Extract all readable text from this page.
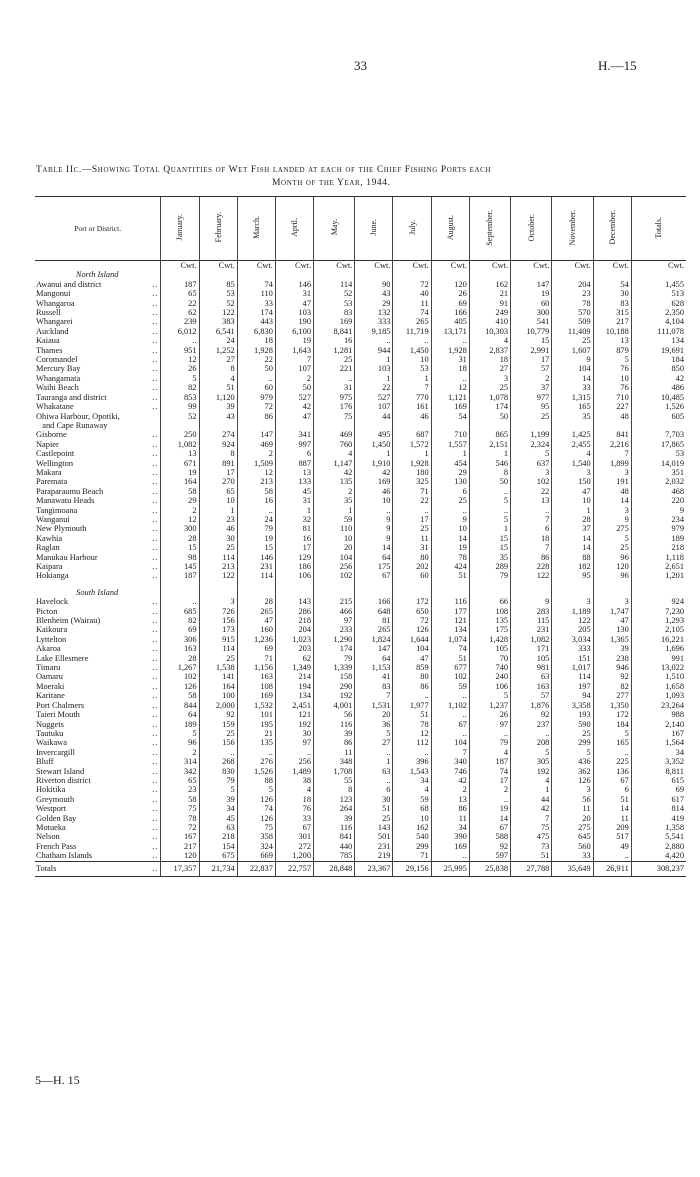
33	H.—15
Table IIc.—Showing Total Quantities of Wet Fish landed at each of the Chief Fishing Ports each
Month of the Year, 1944.
Port or District.	January.	February.	March.	April.	May.	June.	July.	August.	September.	October.	November.	December.	Totals.
	Cwt.	Cwt.	Cwt.	Cwt.	Cwt.	Cwt.	Cwt.	Cwt.	Cwt.	Cwt.	Cwt.	Cwt.	Cwt.
North Island													
Awanui and district ..	187	85	74	146	114	90	72	120	162	147	204	54	1,455
Mangonui ..	65	53	110	31	52	43	40	26	21	19	23	30	513
Whangaroa ..	22	52	33	47	53	29	11	69	91	60	78	83	628
Russell ..	62	122	174	103	83	132	74	166	249	300	570	315	2,350
Whangarei ..	239	383	443	190	169	333	265	405	410	541	509	217	4,104
Auckland ..	6,012	6,541	6,830	6,100	8,841	9,185	11,719	13,171	10,303	10,779	11,409	10,188	111,078
Kaiaua ..	..	24	18	19	16	..	..	..	4	15	25	13	134
Thames ..	951	1,252	1,928	1,643	1,281	944	1,450	1,928	2,837	2,991	1,607	879	19,691
Coromandel ..	12	27	22	7	25	1	10	31	18	17	9	5	184
Mercury Bay ..	26	8	50	107	221	103	53	18	27	57	104	76	850
Whangamata ..	5	4	..	2	..	1	1	..	3	2	14	10	42
Waihi Beach ..	82	51	60	50	31	22	7	12	25	37	33	76	486
Tauranga and district ..	853	1,120	979	527	975	527	770	1,121	1,078	977	1,315	710	10,485
Whakatane ..	99	39	72	42	176	107	161	169	174	95	165	227	1,526
Ohiwa Harbour, Opotiki,	52	43	86	47	75	44	46	54	50	25	35	48	605
and Cape Runaway													
Gisborne ..	250	274	147	341	469	495	687	710	865	1,199	1,425	841	7,703
Napier ..	1,082	924	469	997	760	1,450	1,572	1,557	2,151	2,324	2,455	2,216	17,865
Castlepoint ..	13	8	2	6	4	1	1	1	1	5	4	7	53
Wellington ..	671	891	1,509	887	1,147	1,910	1,928	454	546	637	1,540	1,899	14,019
Makara ..	19	17	12	13	42	42	180	29	8	3	3	3	351
Paremata ..	164	270	213	133	135	169	325	130	50	102	150	191	2,032
Paraparaumu Beach ..	58	65	58	45	2	46	71	6	..	22	47	48	468
Manawatu Heads ..	29	10	16	31	35	10	22	25	5	13	10	14	220
Tangimoana ..	2	1	..	1	1	..	..	..	..	..	1	3	9
Wanganui ..	12	23	24	32	59	9	17	9	5	7	28	9	234
New Plymouth ..	300	46	79	81	110	9	25	10	1	6	37	275	979
Kawhia ..	28	30	19	16	10	9	11	14	15	18	14	5	189
Raglan ..	15	25	15	17	20	14	31	19	15	7	14	25	218
Manukau Harbour ..	98	114	146	129	104	64	80	78	35	86	88	96	1,118
Kaipara ..	145	213	231	186	256	175	202	424	289	228	182	120	2,651
Hokianga ..	187	122	114	106	102	67	60	51	79	122	95	96	1,201

South Island													
Havelock ..	..	3	28	143	215	166	172	116	66	9	3	3	924
Picton ..	685	726	265	286	466	648	650	177	108	283	1,189	1,747	7,230
Blenheim (Wairau) ..	82	156	47	218	97	81	72	121	135	115	122	47	1,293
Kaikoura ..	69	173	160	204	233	265	126	134	175	231	205	130	2,105
Lyttelton ..	306	915	1,236	1,023	1,290	1,824	1,644	1,074	1,428	1,082	3,034	1,365	16,221
Akaroa ..	163	114	69	203	174	147	104	74	105	171	333	39	1,696
Lake Ellesmere ..	28	25	71	62	79	64	47	51	70	105	151	238	991
Timaru ..	1,267	1,538	1,156	1,349	1,339	1,153	859	677	740	981	1,017	946	13,022
Oamaru ..	102	141	163	214	158	41	80	102	240	63	114	92	1,510
Moeraki ..	126	164	108	194	290	83	86	59	106	163	197	82	1,658
Karitane ..	58	100	169	134	192	7	..	..	5	57	94	277	1,093
Port Chalmers ..	844	2,000	1,532	2,451	4,001	1,531	1,977	1,102	1,237	1,876	3,358	1,350	23,264
Taieri Mouth ..	64	92	101	121	56	20	51	..	26	92	193	172	988
Nuggets ..	189	159	195	192	116	36	78	67	97	237	590	184	2,140
Tautuku ..	5	25	21	30	39	5	12	..	..	..	25	5	167
Waikawa ..	96	156	135	97	86	27	112	104	79	208	299	165	1,564
Invercargill ..	2	..	..	..	11	..	..	7	4	5	5	..	34
Bluff ..	314	268	276	256	348	1	396	340	187	305	436	225	3,352
Stewart Island ..	342	830	1,526	1,489	1,708	63	1,543	746	74	192	362	136	8,811
Riverton district ..	65	79	88	38	55	..	34	42	17	4	126	67	615
Hokitika ..	23	5	5	4	8	6	4	2	2	1	3	6	69
Greymouth ..	58	39	126	18	123	30	59	13	..	44	56	51	617
Westport ..	75	34	74	76	264	51	68	86	19	42	11	14	814
Golden Bay ..	78	45	126	33	39	25	10	11	14	7	20	11	419
Motueka ..	72	63	75	67	116	143	162	34	67	75	275	209	1,358
Nelson ..	167	218	358	301	841	501	540	390	588	475	645	517	5,541
French Pass ..	217	154	324	272	440	231	299	169	92	73	560	49	2,880
Chatham Islands ..	120	675	669	1,200	785	219	71	..	597	51	33	..	4,420
Totals ..	17,357	21,734	22,837	22,757	28,848	23,367	29,156	25,995	25,838	27,788	35,649	26,911	308,237
5—H. 15
